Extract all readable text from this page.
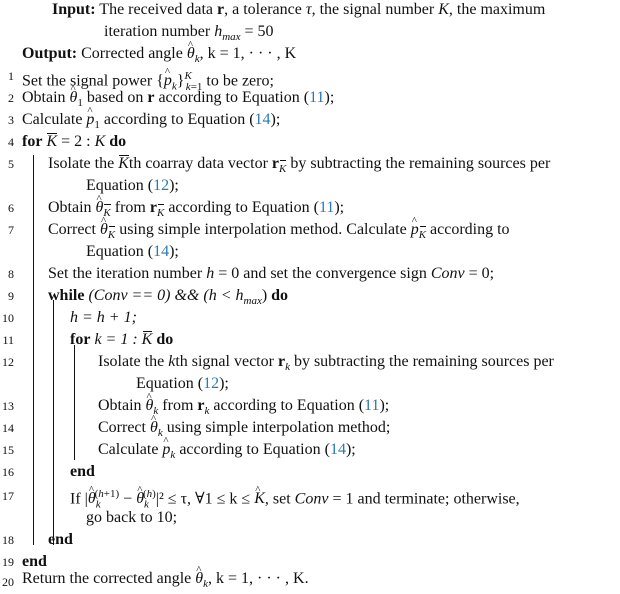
Input: The received data r, a tolerance τ, the signal number K, the maximum
iteration number $h_{max} = 50$
Output: Corrected angle ^ $\theta_k$, k = 1, · · · , K
1 Set the signal power {^ $p_k\}^K_{k=1}$ to be zero;
2 Obtain ^ $\theta_1$ based on r according to Equation (11);
3 Calculate ^ $p_1$ according to Equation (14);
4 for K = 2 : K do
5 Isolate the Kth coarray data vector $r_K$ by subtracting the remaining sources per
Equation (12);
6 Obtain ^ $\theta_K$ from $r_K$ according to Equation (11);
7 Correct ^ $\theta_K$ using simple interpolation method. Calculate ^ $p_K$ according to
Equation (14);
8 Set the iteration number h = 0 and set the convergence sign Conv = 0;
9 while (Conv == 0) && $(h < h_{max})$ do
10	h = h + 1;
11	for k = 1 : K do
12	Isolate the kth signal vector $r_k$ by subtracting the remaining sources per
Equation (12);
13	Obtain ^ $\theta_k$ from $r_k$ according to Equation (11);
14	Correct ^ $\theta_k$ using simple interpolation method;
15	Calculate ^ $p_k$ according to Equation (14);
16	end
17	If |^ $\theta_k^{(h+1)}$ − ^ $\theta_k^{(h)}|^2 \le \tau$, ∀1 ≤ k ≤ ^ K, set Conv = 1 and terminate; otherwise,
go back to 10;
18 end
19 end
20 Return the corrected angle ^ $\theta_k$, k = 1, · · · , K.
